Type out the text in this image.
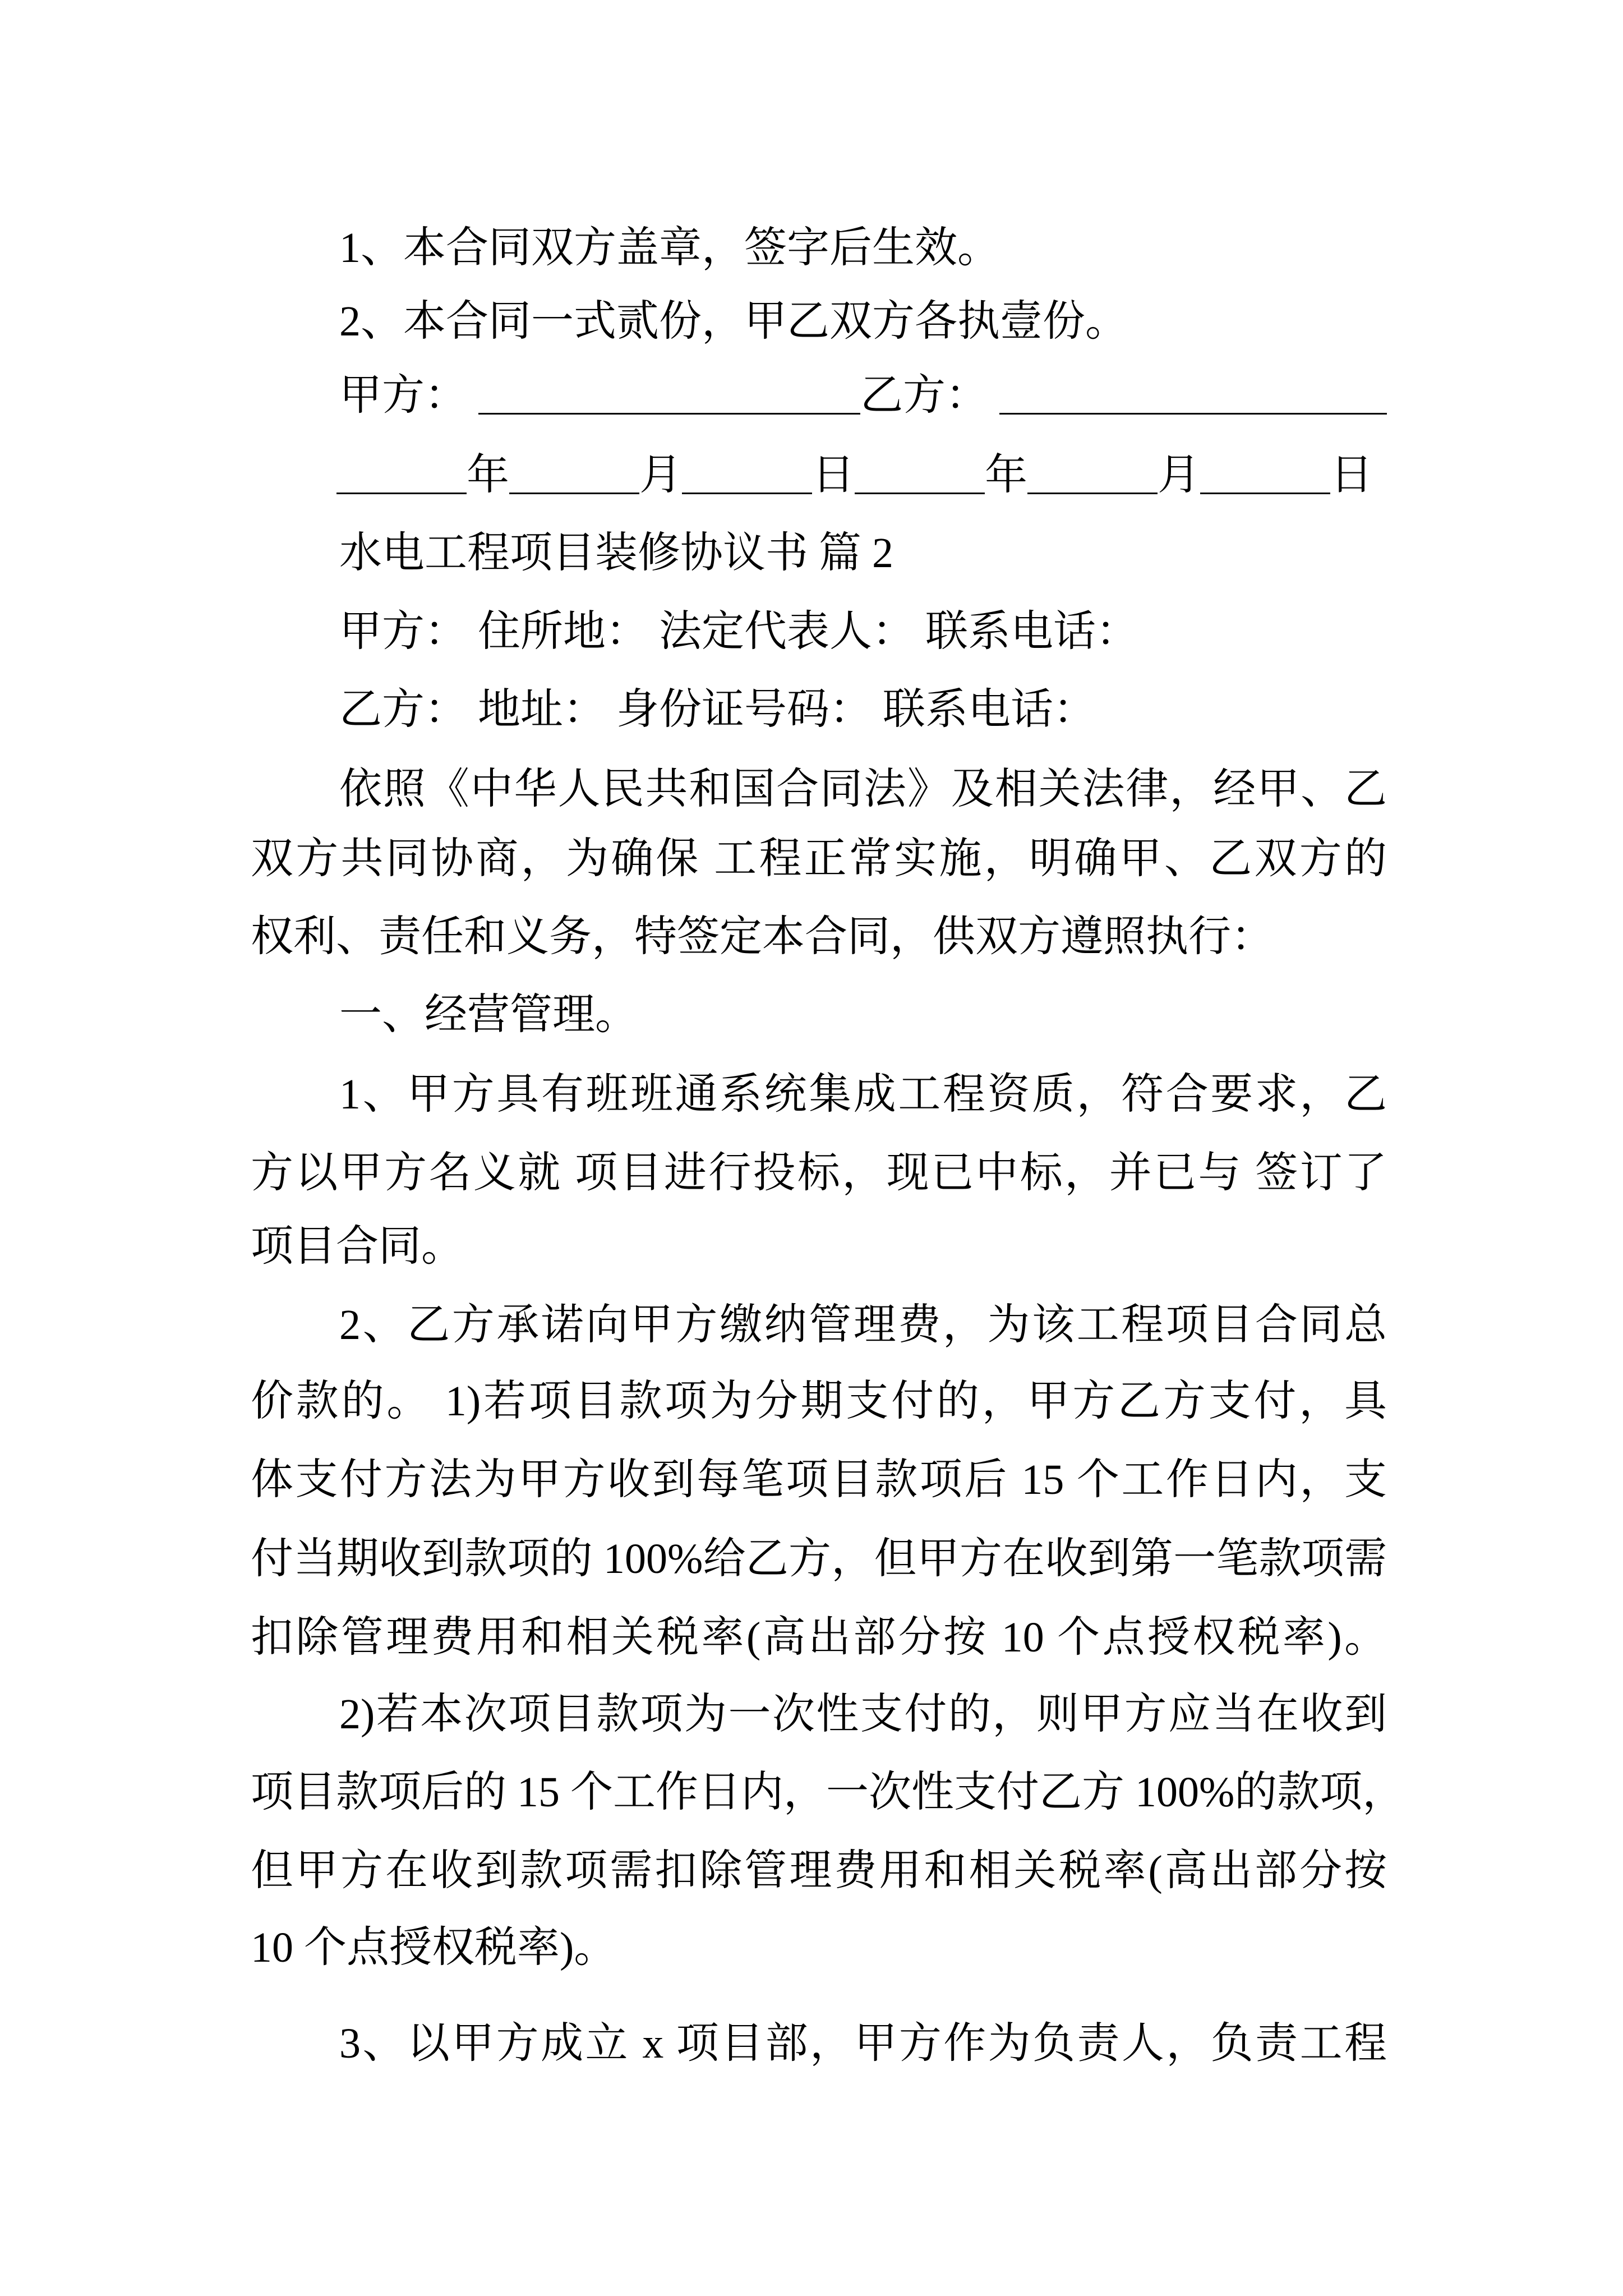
1、本合同双方盖章，签字后生效。
2、本合同一式贰份，甲乙双方各执壹份。
甲方：	乙方：
年	月	日	年	月	日
水电工程项目装修协议书 篇 2
甲方： 住所地： 法定代表人： 联系电话：
乙方： 地址： 身份证号码： 联系电话：
依照《中华人民共和国合同法》及相关法律，经甲、乙
双方共同协商，为确保 工程正常实施，明确甲、乙双方的
权利、责任和义务，特签定本合同，供双方遵照执行：
一、经营管理。
1、甲方具有班班通系统集成工程资质，符合要求，乙
方以甲方名义就 项目进行投标，现已中标，并已与 签订了
项目合同。
2、乙方承诺向甲方缴纳管理费，为该工程项目合同总
价款的。 1)若项目款项为分期支付的，甲方乙方支付，具
体支付方法为甲方收到每笔项目款项后 15 个工作日内，支
付当期收到款项的 100%给乙方，但甲方在收到第一笔款项需
扣除管理费用和相关税率(高出部分按 10 个点授权税率)。
2)若本次项目款项为一次性支付的，则甲方应当在收到
项目款项后的 15 个工作日内，一次性支付乙方 100%的款项，
但甲方在收到款项需扣除管理费用和相关税率(高出部分按
10 个点授权税率)。
3、以甲方成立 x 项目部，甲方作为负责人，负责工程
